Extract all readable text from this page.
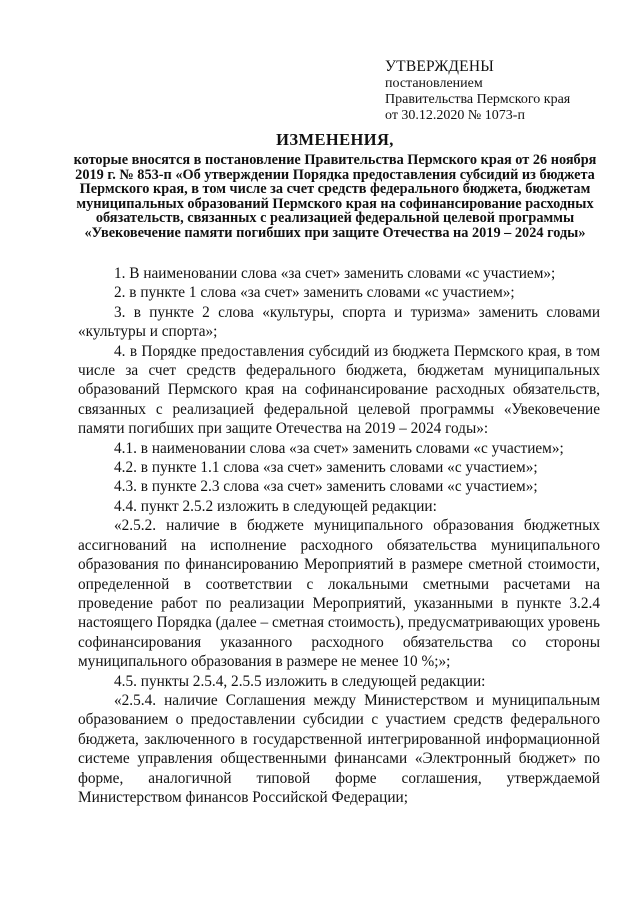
УТВЕРЖДЕНЫ
постановлением
Правительства Пермского края
от 30.12.2020 № 1073-п
ИЗМЕНЕНИЯ,
которые вносятся в постановление Правительства Пермского края от 26 ноября 2019 г. № 853-п «Об утверждении Порядка предоставления субсидий из бюджета Пермского края, в том числе за счет средств федерального бюджета, бюджетам муниципальных образований Пермского края на софинансирование расходных обязательств, связанных с реализацией федеральной целевой программы «Увековечение памяти погибших при защите Отечества на 2019 – 2024 годы»

1. В наименовании слова «за счет» заменить словами «с участием»;

2. в пункте 1 слова «за счет» заменить словами «с участием»;

3. в пункте 2 слова «культуры, спорта и туризма» заменить словами «культуры и спорта»;

4. в Порядке предоставления субсидий из бюджета Пермского края, в том числе за счет средств федерального бюджета, бюджетам муниципальных образований Пермского края на софинансирование расходных обязательств, связанных с реализацией федеральной целевой программы «Увековечение памяти погибших при защите Отечества на 2019 – 2024 годы»:

4.1. в наименовании слова «за счет» заменить словами «с участием»;

4.2. в пункте 1.1 слова «за счет» заменить словами «с участием»;

4.3. в пункте 2.3 слова «за счет» заменить словами «с участием»;

4.4. пункт 2.5.2 изложить в следующей редакции:

«2.5.2. наличие в бюджете муниципального образования бюджетных ассигнований на исполнение расходного обязательства муниципального образования по финансированию Мероприятий в размере сметной стоимости, определенной в соответствии с локальными сметными расчетами на проведение работ по реализации Мероприятий, указанными в пункте 3.2.4 настоящего Порядка (далее – сметная стоимость), предусматривающих уровень софинансирования указанного расходного обязательства со стороны муниципального образования в размере не менее 10 %;»;

4.5. пункты 2.5.4, 2.5.5 изложить в следующей редакции:

«2.5.4. наличие Соглашения между Министерством и муниципальным образованием о предоставлении субсидии с участием средств федерального бюджета, заключенного в государственной интегрированной информационной системе управления общественными финансами «Электронный бюджет» по форме, аналогичной типовой форме соглашения, утверждаемой Министерством финансов Российской Федерации;
